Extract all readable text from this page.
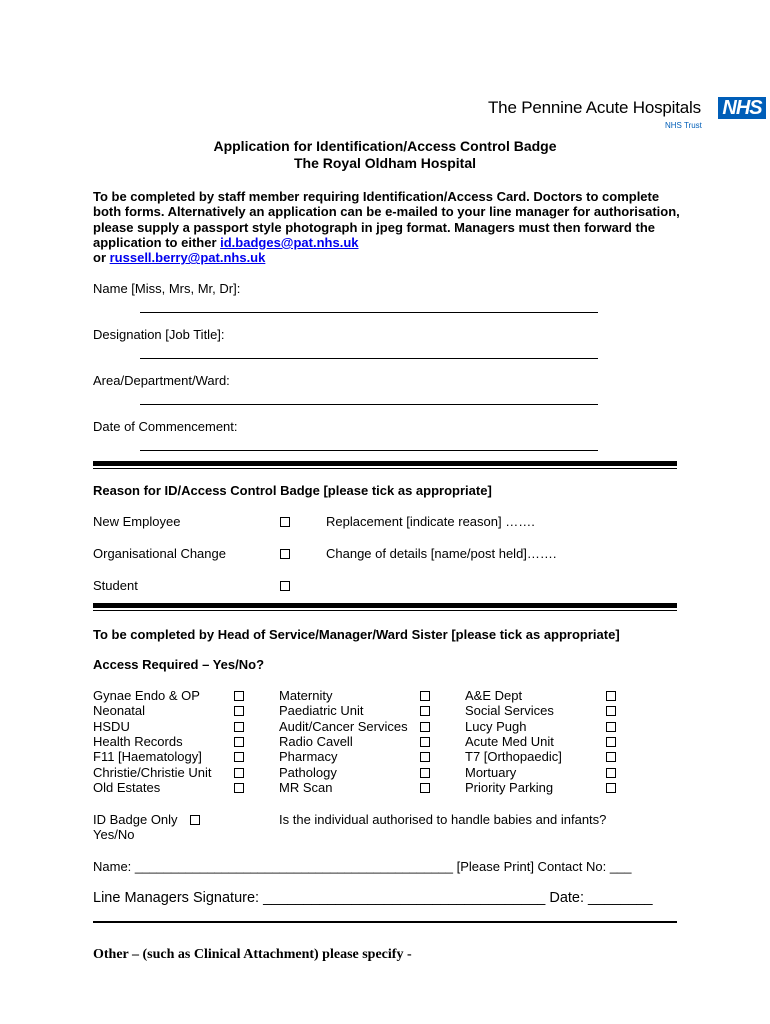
The Pennine Acute Hospitals NHS
NHS Trust
Application for Identification/Access Control Badge
The Royal Oldham Hospital
To be completed by staff member requiring Identification/Access Card. Doctors to complete both forms. Alternatively an application can be e-mailed to your line manager for authorisation, please supply a passport style photograph in jpeg format. Managers must then forward the application to either id.badges@pat.nhs.uk
or russell.berry@pat.nhs.uk
Name [Miss, Mrs, Mr, Dr]:
Designation [Job Title]:
Area/Department/Ward:
Date of Commencement:
Reason for ID/Access Control Badge [please tick as appropriate]
New Employee	Replacement [indicate reason] …….
Organisational Change	Change of details [name/post held]…….
Student
To be completed by Head of Service/Manager/Ward Sister [please tick as appropriate]
Access Required – Yes/No?
Gynae Endo & OP
Neonatal
HSDU
Health Records
F11 [Haematology]
Christie/Christie Unit
Old Estates
Maternity
Paediatric Unit
Audit/Cancer Services
Radio Cavell
Pharmacy
Pathology
MR Scan
A&E Dept
Social Services
Lucy Pugh
Acute Med Unit
T7 [Orthopaedic]
Mortuary
Priority Parking
ID Badge Only
Yes/No
Is the individual authorised to handle babies and infants?
Name: ____________________________________________ [Please Print] Contact No: ___
Line Managers Signature: ___________________________________ Date: ________
Other – (such as Clinical Attachment) please specify -
